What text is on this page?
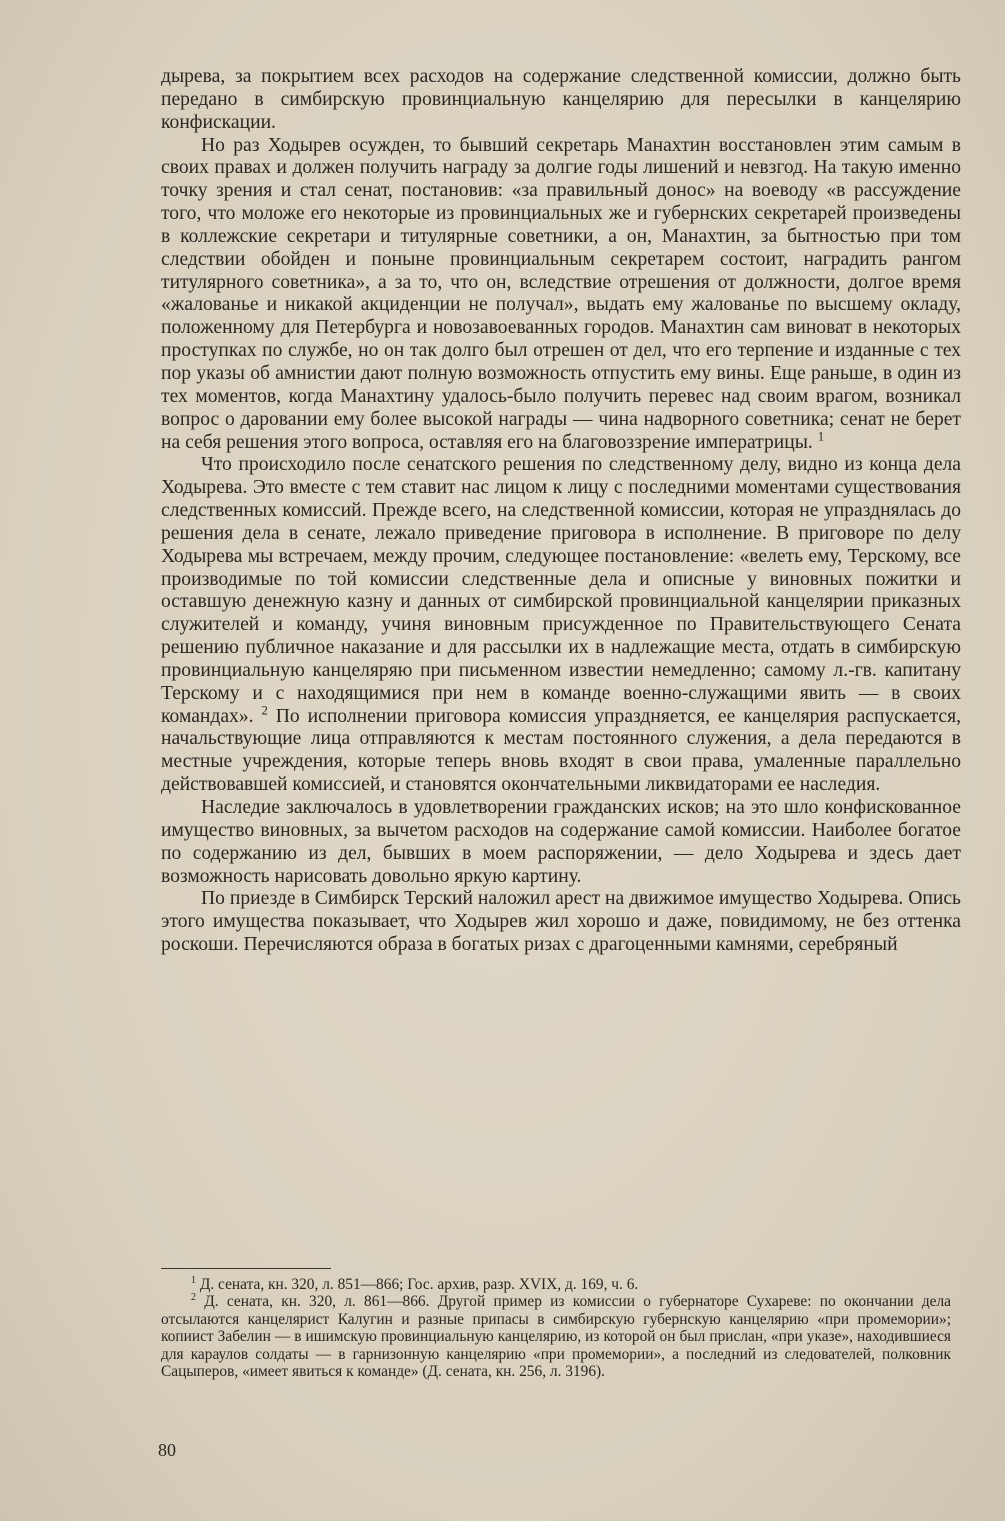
дырева, за покрытием всех расходов на содержание следственной комиссии, должно быть передано в симбирскую провинциальную канцелярию для пересылки в канцелярию конфискации.

Но раз Ходырев осужден, то бывший секретарь Манахтин восстановлен этим самым в своих правах и должен получить награду за долгие годы лишений и невзгод. На такую именно точку зрения и стал сенат, постановив: «за правильный донос» на воеводу «в рассуждение того, что моложе его некоторые из провинциальных же и губернских секретарей произведены в коллежские секретари и титулярные советники, а он, Манахтин, за бытностью при том следствии обойден и поныне провинциальным секретарем состоит, наградить рангом титулярного советника», а за то, что он, вследствие отрешения от должности, долгое время «жалованье и никакой акциденции не получал», выдать ему жалованье по высшему окладу, положенному для Петербурга и новозавоеванных городов. Манахтин сам виноват в некоторых проступках по службе, но он так долго был отрешен от дел, что его терпение и изданные с тех пор указы об амнистии дают полную возможность отпустить ему вины. Еще раньше, в один из тех моментов, когда Манахтину удалось-было получить перевес над своим врагом, возникал вопрос о даровании ему более высокой награды — чина надворного советника; сенат не берет на себя решения этого вопроса, оставляя его на благовоззрение императрицы. $^1$

Что происходило после сенатского решения по следственному делу, видно из конца дела Ходырева. Это вместе с тем ставит нас лицом к лицу с последними моментами существования следственных комиссий. Прежде всего, на следственной комиссии, которая не упразднялась до решения дела в сенате, лежало приведение приговора в исполнение. В приговоре по делу Ходырева мы встречаем, между прочим, следующее постановление: «велеть ему, Терскому, все производимые по той комиссии следственные дела и описные у виновных пожитки и оставшую денежную казну и данных от симбирской провинциальной канцелярии приказных служителей и команду, учиня виновным присужденное по Правительствующего Сената решению публичное наказание и для рассылки их в надлежащие места, отдать в симбирскую провинциальную канцеляряю при письменном известии немедленно; самому л.-гв. капитану Терскому и с находящимися при нем в команде военно-служащими явить — в своих командах». $^2$ По исполнении приговора комиссия упраздняется, ее канцелярия распускается, начальствующие лица отправляются к местам постоянного служения, а дела передаются в местные учреждения, которые теперь вновь входят в свои права, умаленные параллельно действовавшей комиссией, и становятся окончательными ликвидаторами ее наследия.

Наследие заключалось в удовлетворении гражданских исков; на это шло конфискованное имущество виновных, за вычетом расходов на содержание самой комиссии. Наиболее богатое по содержанию из дел, бывших в моем распоряжении, — дело Ходырева и здесь дает возможность нарисовать довольно яркую картину.

По приезде в Симбирск Терский наложил арест на движимое имущество Ходырева. Опись этого имущества показывает, что Ходырев жил хорошо и даже, повидимому, не без оттенка роскоши. Перечисляются образа в богатых ризах с драгоценными камнями, серебряный

$^1$ Д. сената, кн. 320, л. 851—866; Гос. архив, разр. XVIX, д. 169, ч. 6.

$^2$ Д. сената, кн. 320, л. 861—866. Другой пример из комиссии о губернаторе Сухареве: по окончании дела отсылаются канцелярист Калугин и разные припасы в симбирскую губернскую канцелярию «при промемории»; копиист Забелин — в ишимскую провинциальную канцелярию, из которой он был прислан, «при указе», находившиеся для караулов солдаты — в гарнизонную канцелярию «при промемории», а последний из следователей, полковник Сацыперов, «имеет явиться к команде» (Д. сената, кн. 256, л. 3196).

80
